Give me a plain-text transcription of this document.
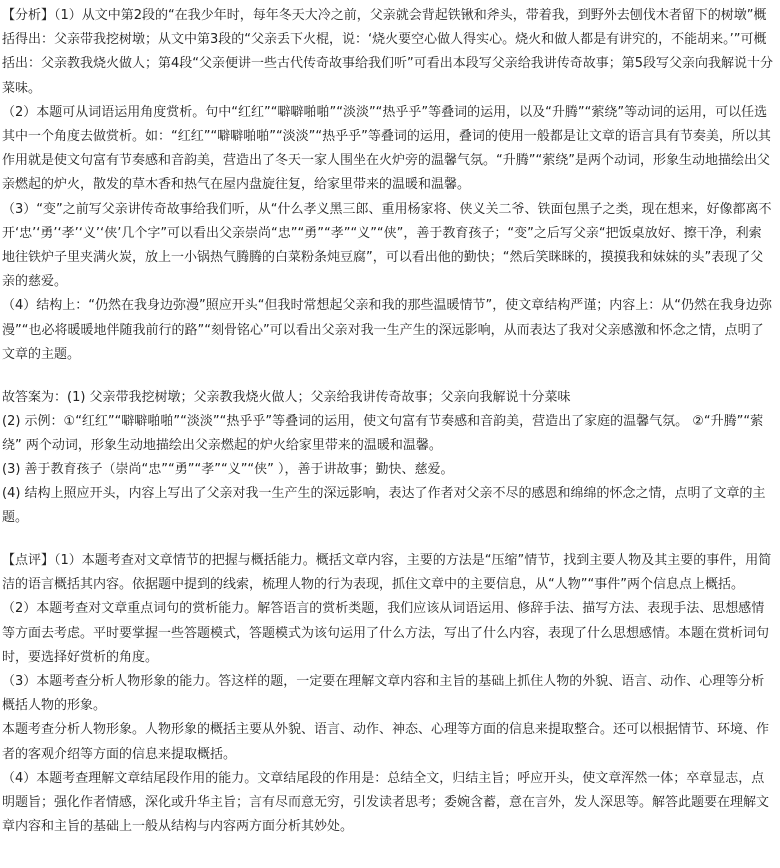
【分析】（1）从文中第2段的“在我少年时，每年冬天大冷之前，父亲就会背起铁锹和斧头，带着我，到野外去刨伐木者留下的树墩”概括得出：父亲带我挖树墩；从文中第3段的“父亲丢下火棍，说：‘烧火要空心做人得实心。烧火和做人都是有讲究的，不能胡来。’”可概括出：父亲教我烧火做人；第4段“父亲便讲一些古代传奇故事给我们听”可看出本段写父亲给我讲传奇故事；第5段写父亲向我解说十分菜味。

（2）本题可从词语运用角度赏析。句中“红红”“噼噼啪啪”“淡淡”“热乎乎”等叠词的运用，以及“升腾”“萦绕”等动词的运用，可以任选其中一个角度去做赏析。如：“红红”“噼噼啪啪”“淡淡”“热乎乎”等叠词的运用，叠词的使用一般都是让文章的语言具有节奏美，所以其作用就是使文句富有节奏感和音韵美，营造出了冬天一家人围坐在火炉旁的温馨气氛。“升腾”“萦绕”是两个动词，形象生动地描绘出父亲燃起的炉火，散发的草木香和热气在屋内盘旋往复，给家里带来的温暖和温馨。

（3）“变”之前写父亲讲传奇故事给我们听，从“什么孝义黑三郎、重用杨家将、侠义关二爷、铁面包黑子之类，现在想来，好像都离不开‘忠’‘勇’‘孝’‘义’‘侠’几个字”可以看出父亲崇尚“忠”“勇”“孝”“义”“侠”，善于教育孩子；“变”之后写父亲“把饭桌放好、擦干净，利索地往铁炉子里夹满火炭，放上一小锅热气腾腾的白菜粉条炖豆腐”，可以看出他的勤快；“然后笑眯眯的，摸摸我和妹妹的头”表现了父亲的慈爱。

（4）结构上：“仍然在我身边弥漫”照应开头“但我时常想起父亲和我的那些温暖情节”，使文章结构严谨；内容上：从“仍然在我身边弥漫”“也必将暖暖地伴随我前行的路”“刻骨铭心”可以看出父亲对我一生产生的深远影响，从而表达了我对父亲感激和怀念之情，点明了文章的主题。

故答案为：(1) 父亲带我挖树墩；父亲教我烧火做人；父亲给我讲传奇故事；父亲向我解说十分菜味

(2) 示例：①“红红”“噼噼啪啪”“淡淡”“热乎乎”等叠词的运用，使文句富有节奏感和音韵美，营造出了家庭的温馨气氛。 ②“升腾”“萦绕” 两个动词，形象生动地描绘出父亲燃起的炉火给家里带来的温暖和温馨。

(3) 善于教育孩子（崇尚“忠”“勇”“孝”“义”“侠” ），善于讲故事；勤快、慈爱。

(4) 结构上照应开头，内容上写出了父亲对我一生产生的深远影响，表达了作者对父亲不尽的感恩和绵绵的怀念之情，点明了文章的主题。

【点评】（1）本题考查对文章情节的把握与概括能力。概括文章内容，主要的方法是“压缩”情节，找到主要人物及其主要的事件，用简洁的语言概括其内容。依据题中提到的线索，梳理人物的行为表现，抓住文章中的主要信息，从“人物”“事件”两个信息点上概括。

（2）本题考查对文章重点词句的赏析能力。解答语言的赏析类题，我们应该从词语运用、修辞手法、描写方法、表现手法、思想感情等方面去考虑。平时要掌握一些答题模式，答题模式为该句运用了什么方法，写出了什么内容，表现了什么思想感情。本题在赏析词句时，要选择好赏析的角度。

（3）本题考查分析人物形象的能力。答这样的题，一定要在理解文章内容和主旨的基础上抓住人物的外貌、语言、动作、心理等分析概括人物的形象。

本题考查分析人物形象。人物形象的概括主要从外貌、语言、动作、神态、心理等方面的信息来提取整合。还可以根据情节、环境、作者的客观介绍等方面的信息来提取概括。

（4）本题考查理解文章结尾段作用的能力。文章结尾段的作用是：总结全文，归结主旨；呼应开头，使文章浑然一体；卒章显志，点明题旨；强化作者情感，深化或升华主旨；言有尽而意无穷，引发读者思考；委婉含蓄，意在言外，发人深思等。解答此题要在理解文章内容和主旨的基础上一般从结构与内容两方面分析其妙处。
